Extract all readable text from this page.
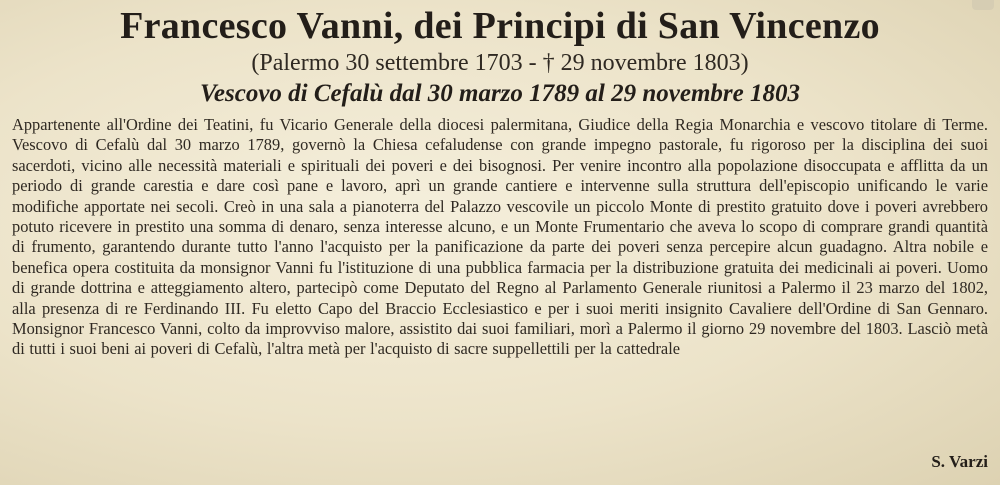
Francesco Vanni, dei Principi di San Vincenzo

(Palermo 30 settembre 1703 - † 29 novembre 1803)

Vescovo di Cefalù dal 30 marzo 1789 al 29 novembre 1803

Appartenente all'Ordine dei Teatini, fu Vicario Generale della diocesi palermitana, Giudice della Regia Monarchia e vescovo titolare di Terme. Vescovo di Cefalù dal 30 marzo 1789, governò la Chiesa cefaludense con grande impegno pastorale, fu rigoroso per la disciplina dei suoi sacerdoti, vicino alle necessità materiali e spirituali dei poveri e dei bisognosi. Per venire incontro alla popolazione disoccupata e afflitta da un periodo di grande carestia e dare così pane e lavoro, aprì un grande cantiere e intervenne sulla struttura dell'episcopio unificando le varie modifiche apportate nei secoli. Creò in una sala a pianoterra del Palazzo vescovile un piccolo Monte di prestito gratuito dove i poveri avrebbero potuto ricevere in prestito una somma di denaro, senza interesse alcuno, e un Monte Frumentario che aveva lo scopo di comprare grandi quantità di frumento, garantendo durante tutto l'anno l'acquisto per la panificazione da parte dei poveri senza percepire alcun guadagno. Altra nobile e benefica opera costituita da monsignor Vanni fu l'istituzione di una pubblica farmacia per la distribuzione gratuita dei medicinali ai poveri. Uomo di grande dottrina e atteggiamento altero, partecipò come Deputato del Regno al Parlamento Generale riunitosi a Palermo il 23 marzo del 1802, alla presenza di re Ferdinando III. Fu eletto Capo del Braccio Ecclesiastico e per i suoi meriti insignito Cavaliere dell'Ordine di San Gennaro. Monsignor Francesco Vanni, colto da improvviso malore, assistito dai suoi familiari, morì a Palermo il giorno 29 novembre del 1803. Lasciò metà di tutti i suoi beni ai poveri di Cefalù, l'altra metà per l'acquisto di sacre suppellettili per la cattedrale

S. Varzi
